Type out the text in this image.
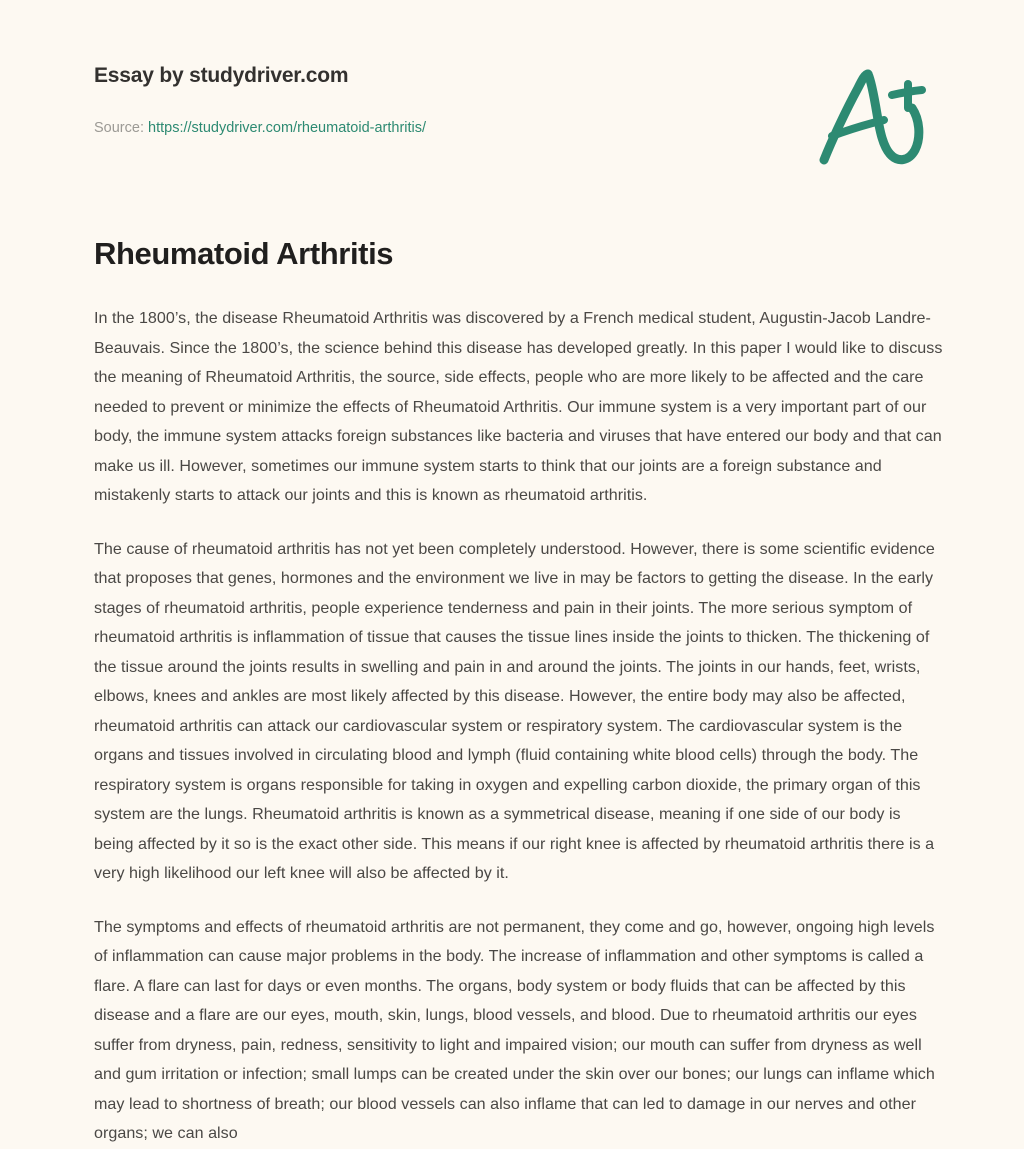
Essay by studydriver.com
Source: https://studydriver.com/rheumatoid-arthritis/
Rheumatoid Arthritis

In the 1800’s, the disease Rheumatoid Arthritis was discovered by a French medical student, Augustin-Jacob Landre-Beauvais. Since the 1800’s, the science behind this disease has developed greatly. In this paper I would like to discuss the meaning of Rheumatoid Arthritis, the source, side effects, people who are more likely to be affected and the care needed to prevent or minimize the effects of Rheumatoid Arthritis. Our immune system is a very important part of our body, the immune system attacks foreign substances like bacteria and viruses that have entered our body and that can make us ill. However, sometimes our immune system starts to think that our joints are a foreign substance and mistakenly starts to attack our joints and this is known as rheumatoid arthritis.

The cause of rheumatoid arthritis has not yet been completely understood. However, there is some scientific evidence that proposes that genes, hormones and the environment we live in may be factors to getting the disease. In the early stages of rheumatoid arthritis, people experience tenderness and pain in their joints. The more serious symptom of rheumatoid arthritis is inflammation of tissue that causes the tissue lines inside the joints to thicken. The thickening of the tissue around the joints results in swelling and pain in and around the joints. The joints in our hands, feet, wrists, elbows, knees and ankles are most likely affected by this disease. However, the entire body may also be affected, rheumatoid arthritis can attack our cardiovascular system or respiratory system. The cardiovascular system is the organs and tissues involved in circulating blood and lymph (fluid containing white blood cells) through the body. The respiratory system is organs responsible for taking in oxygen and expelling carbon dioxide, the primary organ of this system are the lungs. Rheumatoid arthritis is known as a symmetrical disease, meaning if one side of our body is being affected by it so is the exact other side. This means if our right knee is affected by rheumatoid arthritis there is a very high likelihood our left knee will also be affected by it.

The symptoms and effects of rheumatoid arthritis are not permanent, they come and go, however, ongoing high levels of inflammation can cause major problems in the body. The increase of inflammation and other symptoms is called a flare. A flare can last for days or even months. The organs, body system or body fluids that can be affected by this disease and a flare are our eyes, mouth, skin, lungs, blood vessels, and blood. Due to rheumatoid arthritis our eyes suffer from dryness, pain, redness, sensitivity to light and impaired vision; our mouth can suffer from dryness as well and gum irritation or infection; small lumps can be created under the skin over our bones; our lungs can inflame which may lead to shortness of breath; our blood vessels can also inflame that can led to damage in our nerves and other organs; we can also
